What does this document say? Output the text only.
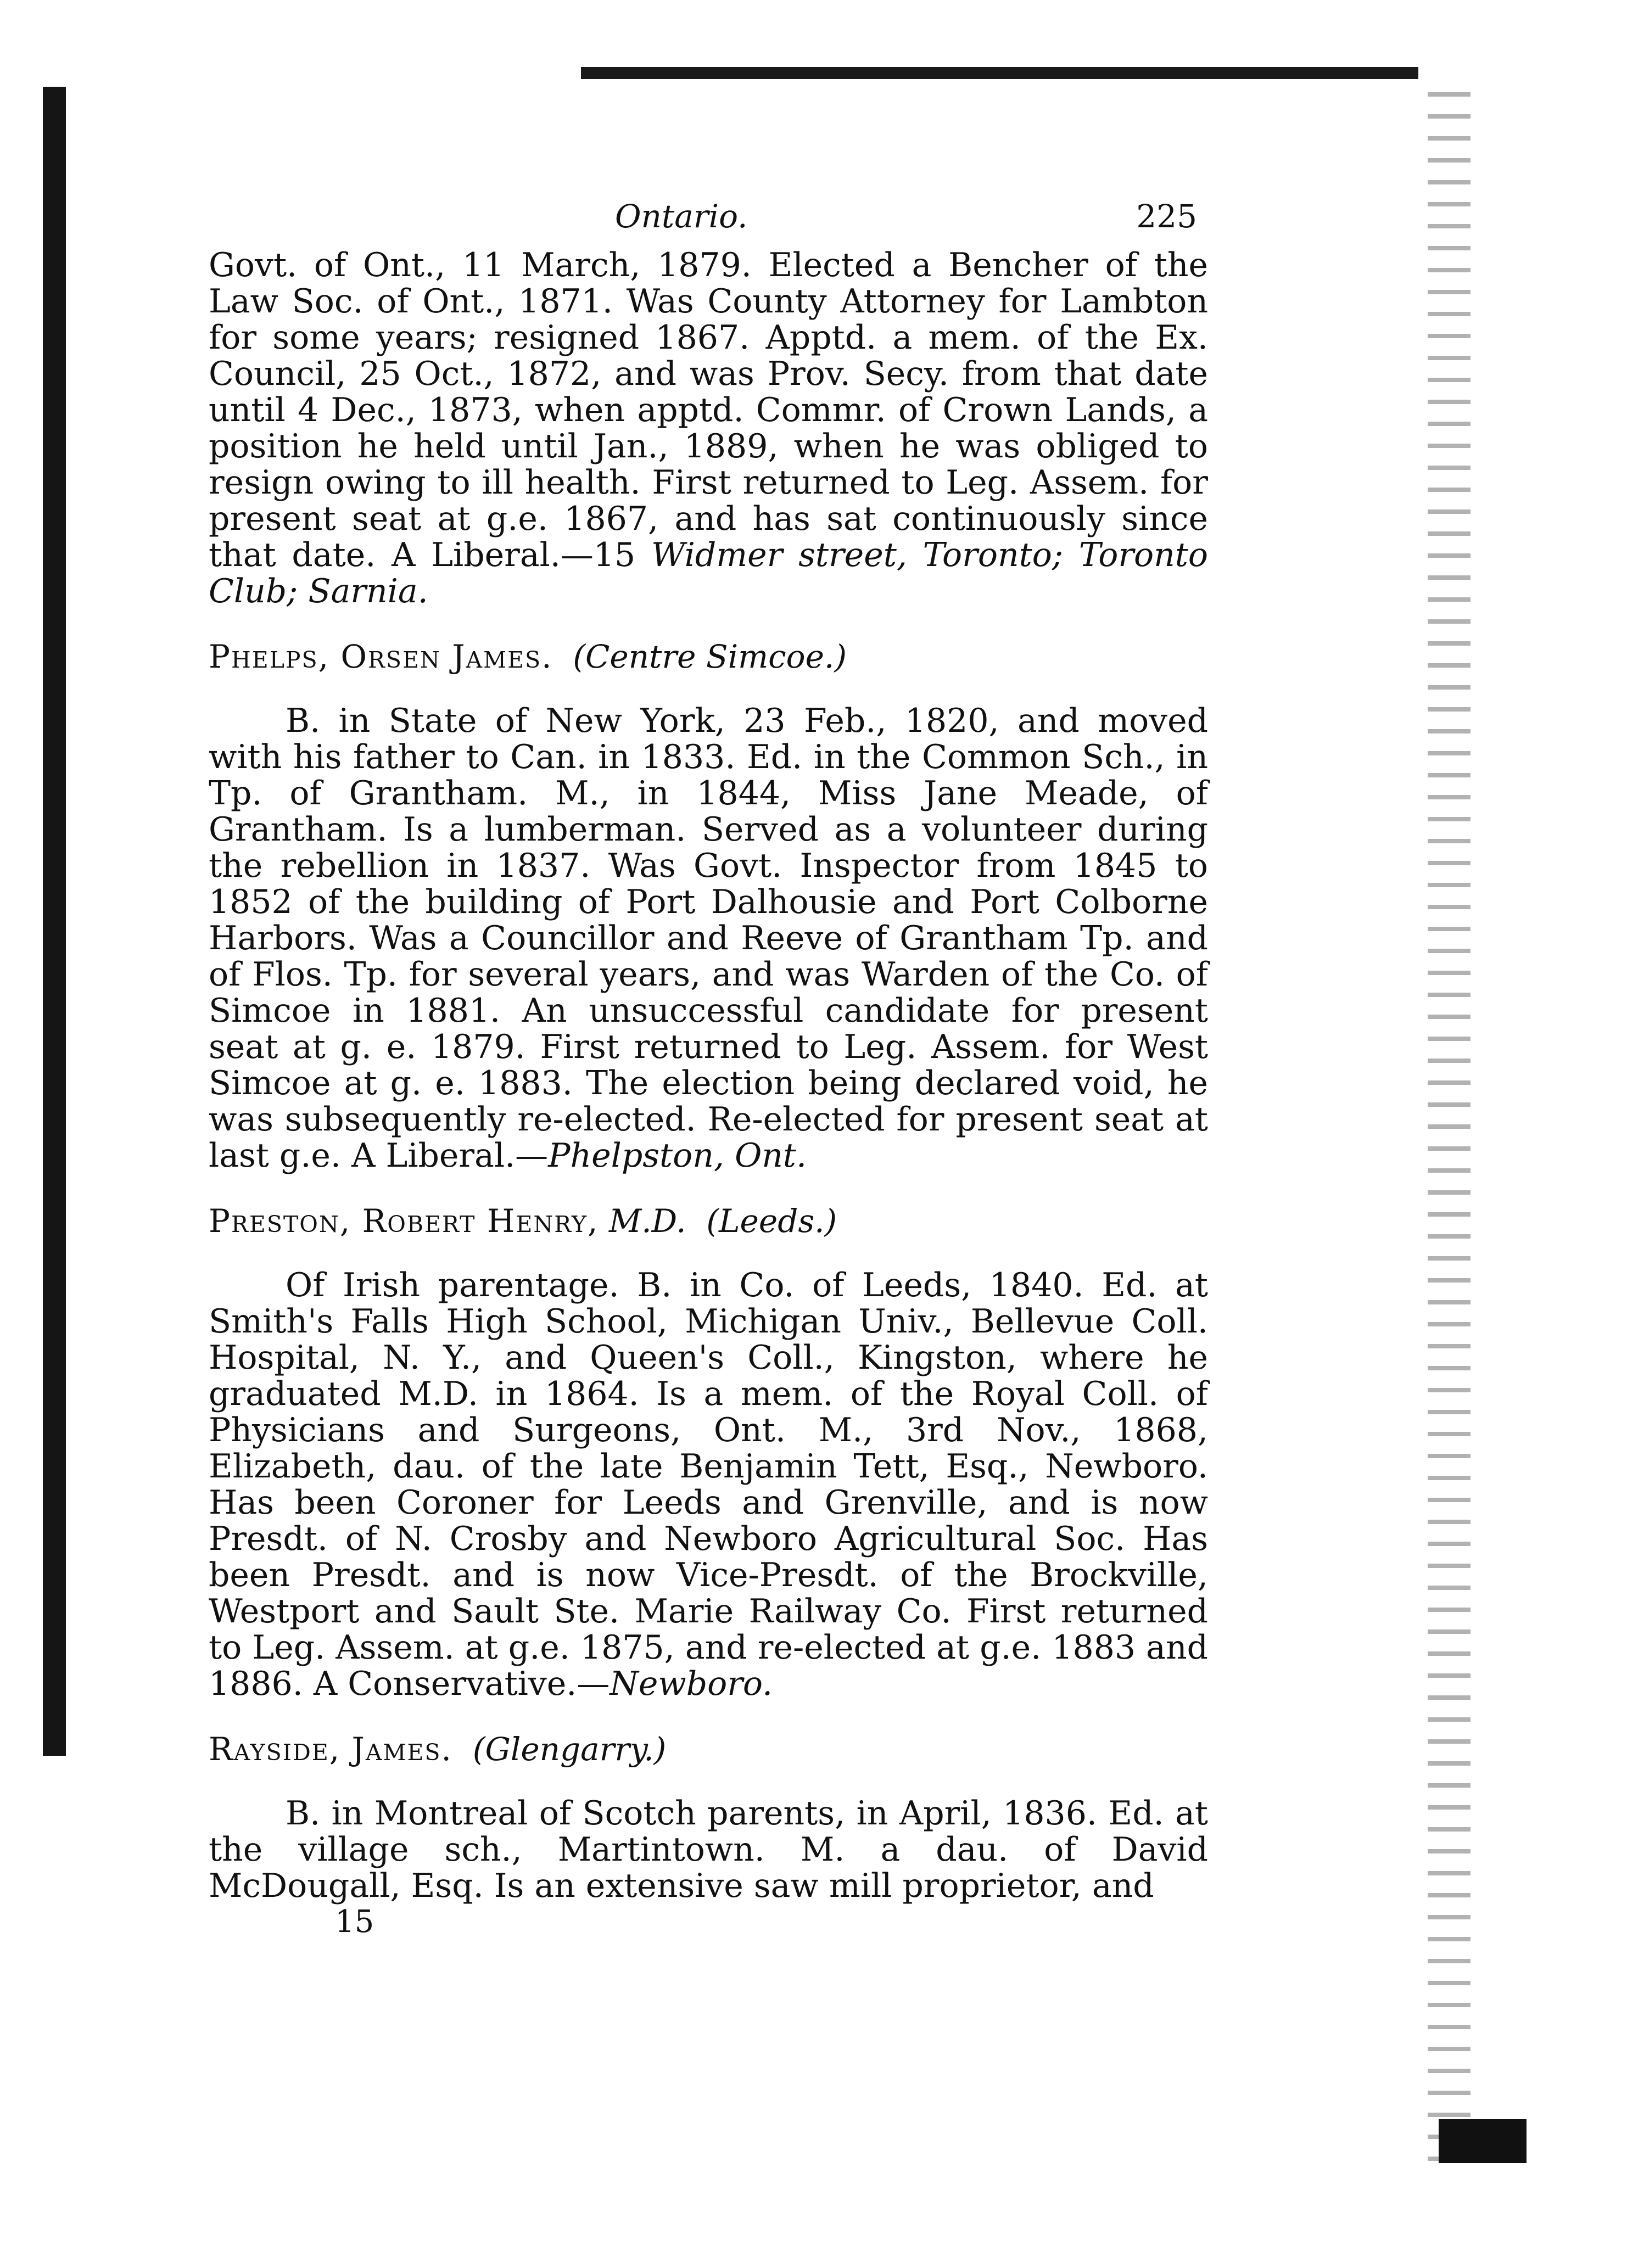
Ontario.	225

Govt. of Ont., 11 March, 1879. Elected a Bencher of the Law Soc. of Ont., 1871. Was County Attorney for Lambton for some years; resigned 1867. Apptd. a mem. of the Ex. Council, 25 Oct., 1872, and was Prov. Secy. from that date until 4 Dec., 1873, when apptd. Commr. of Crown Lands, a position he held until Jan., 1889, when he was obliged to resign owing to ill health. First returned to Leg. Assem. for present seat at g.e. 1867, and has sat continuously since that date. A Liberal.—15 Widmer street, Toronto; Toronto Club; Sarnia.

Phelps, Orsen James. (Centre Simcoe.)

B. in State of New York, 23 Feb., 1820, and moved with his father to Can. in 1833. Ed. in the Common Sch., in Tp. of Grantham. M., in 1844, Miss Jane Meade, of Grantham. Is a lumberman. Served as a volunteer during the rebellion in 1837. Was Govt. Inspector from 1845 to 1852 of the building of Port Dalhousie and Port Colborne Harbors. Was a Councillor and Reeve of Grantham Tp. and of Flos. Tp. for several years, and was Warden of the Co. of Simcoe in 1881. An unsuccessful candidate for present seat at g. e. 1879. First returned to Leg. Assem. for West Simcoe at g. e. 1883. The election being declared void, he was subsequently re-elected. Re-elected for present seat at last g.e. A Liberal.—Phelpston, Ont.

Preston, Robert Henry, M.D. (Leeds.)

Of Irish parentage. B. in Co. of Leeds, 1840. Ed. at Smith's Falls High School, Michigan Univ., Bellevue Coll. Hospital, N. Y., and Queen's Coll., Kingston, where he graduated M.D. in 1864. Is a mem. of the Royal Coll. of Physicians and Surgeons, Ont. M., 3rd Nov., 1868, Elizabeth, dau. of the late Benjamin Tett, Esq., Newboro. Has been Coroner for Leeds and Grenville, and is now Presdt. of N. Crosby and Newboro Agricultural Soc. Has been Presdt. and is now Vice-Presdt. of the Brockville, Westport and Sault Ste. Marie Railway Co. First returned to Leg. Assem. at g.e. 1875, and re-elected at g.e. 1883 and 1886. A Conservative.—Newboro.

Rayside, James. (Glengarry.)

B. in Montreal of Scotch parents, in April, 1836. Ed. at the village sch., Martintown. M. a dau. of David McDougall, Esq. Is an extensive saw mill proprietor, and

15
